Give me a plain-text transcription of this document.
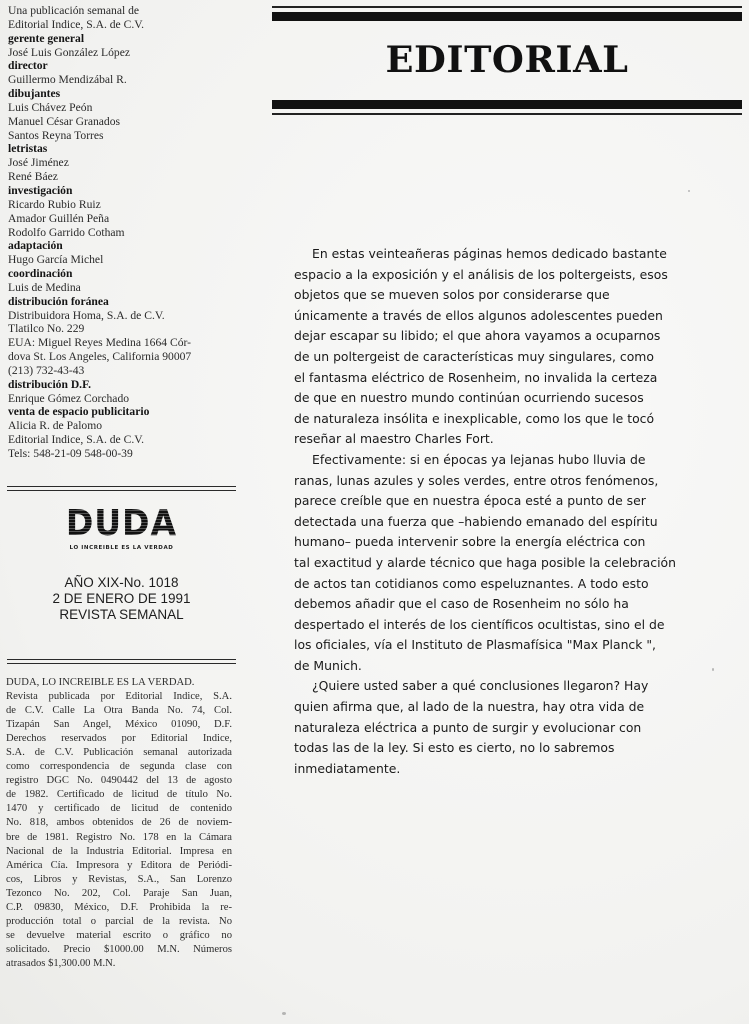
Una publicación semanal de
Editorial Indice, S.A. de C.V.
gerente general
José Luis González López
director
Guillermo Mendizábal R.
dibujantes
Luis Chávez Peón
Manuel César Granados
Santos Reyna Torres
letristas
José Jiménez
René Báez
investigación
Ricardo Rubio Ruiz
Amador Guillén Peña
Rodolfo Garrido Cotham
adaptación
Hugo García Michel
coordinación
Luis de Medina
distribución foránea
Distribuidora Homa, S.A. de C.V.
Tlatilco No. 229
EUA: Miguel Reyes Medina 1664 Cór-
dova St. Los Angeles, California 90007
(213) 732-43-43
distribución D.F.
Enrique Gómez Corchado
venta de espacio publicitario
Alicia R. de Palomo
Editorial Indice, S.A. de C.V.
Tels: 548-21-09 548-00-39
DUDA
LO INCREIBLE ES LA VERDAD
AÑO XIX-No. 1018
2 DE ENERO DE 1991
REVISTA SEMANAL
DUDA, LO INCREIBLE ES LA VERDAD.
Revista publicada por Editorial Indice, S.A.
de C.V. Calle La Otra Banda No. 74, Col.
Tizapán San Angel, México 01090, D.F.
Derechos reservados por Editorial Indice,
S.A. de C.V. Publicación semanal autorizada
como correspondencia de segunda clase con
registro DGC No. 0490442 del 13 de agosto
de 1982. Certificado de licitud de título No.
1470 y certificado de licitud de contenido
No. 818, ambos obtenidos de 26 de noviem-
bre de 1981. Registro No. 178 en la Cámara
Nacional de la Industria Editorial. Impresa en
América Cía. Impresora y Editora de Periódi-
cos, Libros y Revistas, S.A., San Lorenzo
Tezonco No. 202, Col. Paraje San Juan,
C.P. 09830, México, D.F. Prohibida la re-
producción total o parcial de la revista. No
se devuelve material escrito o gráfico no
solicitado. Precio $1000.00 M.N. Números
atrasados $1,300.00 M.N.
EDITORIAL
En estas veinteañeras páginas hemos dedicado bastante
espacio a la exposición y el análisis de los poltergeists, esos
objetos que se mueven solos por considerarse que
únicamente a través de ellos algunos adolescentes pueden
dejar escapar su libido; el que ahora vayamos a ocuparnos
de un poltergeist de características muy singulares, como
el fantasma eléctrico de Rosenheim, no invalida la certeza
de que en nuestro mundo continúan ocurriendo sucesos
de naturaleza insólita e inexplicable, como los que le tocó
reseñar al maestro Charles Fort.
Efectivamente: si en épocas ya lejanas hubo lluvia de
ranas, lunas azules y soles verdes, entre otros fenómenos,
parece creíble que en nuestra época esté a punto de ser
detectada una fuerza que –habiendo emanado del espíritu
humano– pueda intervenir sobre la energía eléctrica con
tal exactitud y alarde técnico que haga posible la celebración
de actos tan cotidianos como espeluznantes. A todo esto
debemos añadir que el caso de Rosenheim no sólo ha
despertado el interés de los científicos ocultistas, sino el de
los oficiales, vía el Instituto de Plasmafísica "Max Planck ",
de Munich.
¿Quiere usted saber a qué conclusiones llegaron? Hay
quien afirma que, al lado de la nuestra, hay otra vida de
naturaleza eléctrica a punto de surgir y evolucionar con
todas las de la ley. Si esto es cierto, no lo sabremos
inmediatamente.
